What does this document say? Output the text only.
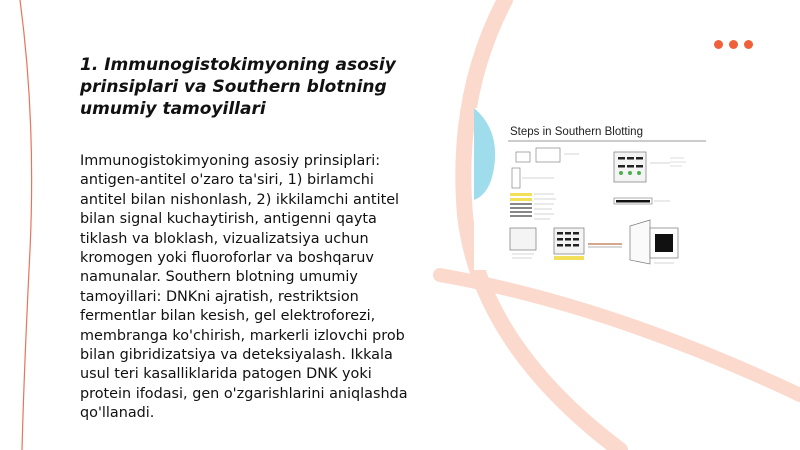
1. Immunogistokimyoning asosiy prinsiplari va Southern blotning umumiy tamoyillari

Immunogistokimyoning asosiy prinsiplari: antigen-antitel o'zaro ta'siri, 1) birlamchi antitel bilan nishonlash, 2) ikkilamchi antitel bilan signal kuchaytirish, antigenni qayta tiklash va bloklash, vizualizatsiya uchun kromogen yoki fluoroforlar va boshqaruv namunalar. Southern blotning umumiy tamoyillari: DNKni ajratish, restriktsion fermentlar bilan kesish, gel elektroforezi, membranga ko'chirish, markerli izlovchi prob bilan gibridizatsiya va deteksiyalash. Ikkala usul teri kasalliklarida patogen DNK yoki protein ifodasi, gen o'zgarishlarini aniqlashda qo'llanadi.

Steps in Southern Blotting
